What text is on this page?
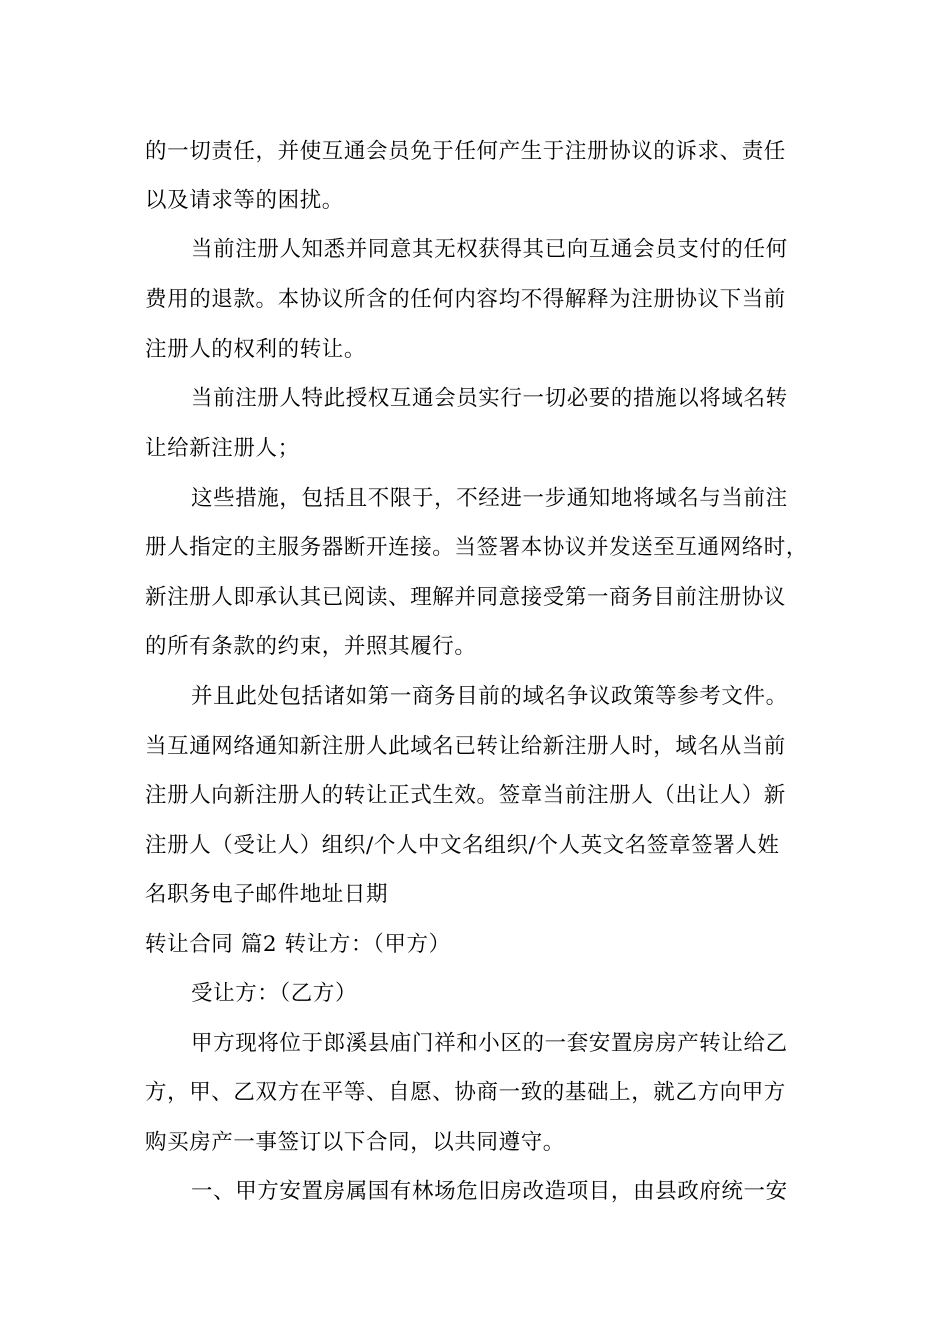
的一切责任，并使互通会员免于任何产生于注册协议的诉求、责任
以及请求等的困扰。
当前注册人知悉并同意其无权获得其已向互通会员支付的任何
费用的退款。本协议所含的任何内容均不得解释为注册协议下当前
注册人的权利的转让。
当前注册人特此授权互通会员实行一切必要的措施以将域名转
让给新注册人；
这些措施，包括且不限于，不经进一步通知地将域名与当前注
册人指定的主服务器断开连接。当签署本协议并发送至互通网络时，
新注册人即承认其已阅读、理解并同意接受第一商务目前注册协议
的所有条款的约束，并照其履行。
并且此处包括诸如第一商务目前的域名争议政策等参考文件。
当互通网络通知新注册人此域名已转让给新注册人时，域名从当前
注册人向新注册人的转让正式生效。签章当前注册人（出让人）新
注册人（受让人）组织/个人中文名组织/个人英文名签章签署人姓
名职务电子邮件地址日期
转让合同 篇2 转让方：（甲方）
受让方：（乙方）
甲方现将位于郎溪县庙门祥和小区的一套安置房房产转让给乙
方，甲、乙双方在平等、自愿、协商一致的基础上，就乙方向甲方
购买房产一事签订以下合同，以共同遵守。
一、甲方安置房属国有林场危旧房改造项目，由县政府统一安
